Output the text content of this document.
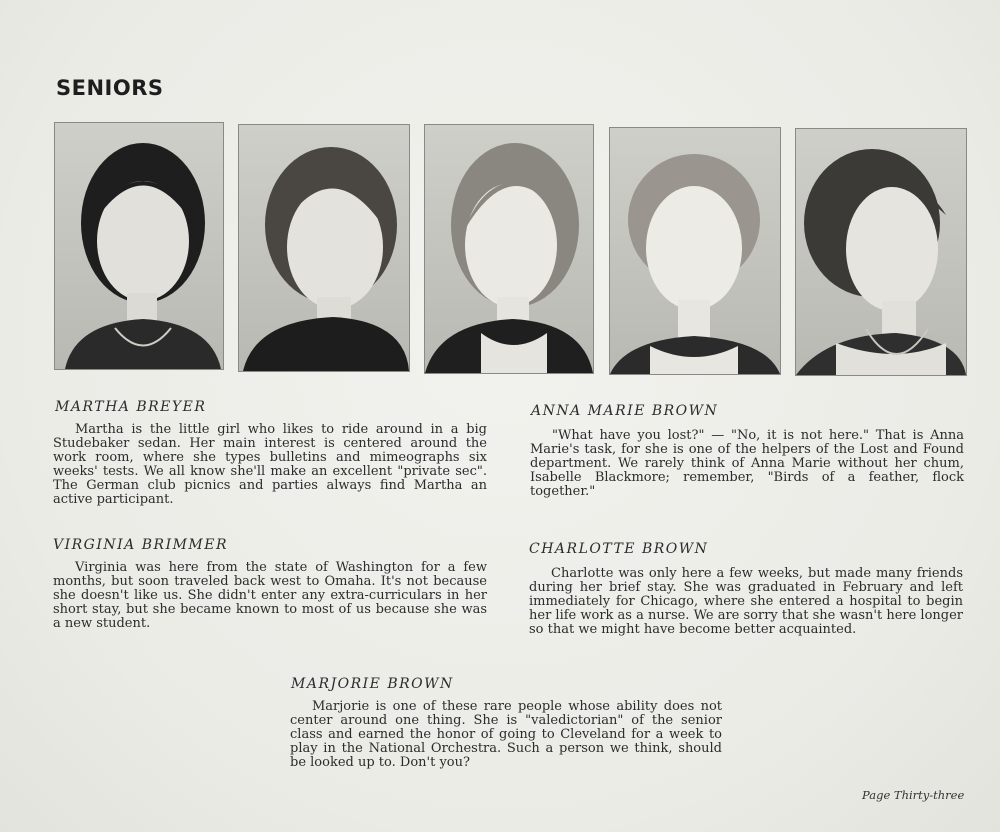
SENIORS
MARTHA BREYER

Martha is the little girl who likes to ride around in a big Studebaker sedan. Her main interest is centered around the work room, where she types bulletins and mimeographs six weeks' tests. We all know she'll make an excellent "private sec". The German club picnics and parties always find Martha an active participant.

VIRGINIA BRIMMER

Virginia was here from the state of Washington for a few months, but soon traveled back west to Omaha. It's not because she doesn't like us. She didn't enter any extra-curriculars in her short stay, but she became known to most of us because she was a new student.

ANNA MARIE BROWN

"What have you lost?" — "No, it is not here." That is Anna Marie's task, for she is one of the helpers of the Lost and Found department. We rarely think of Anna Marie without her chum, Isabelle Blackmore; remember, "Birds of a feather, flock together."

CHARLOTTE BROWN

Charlotte was only here a few weeks, but made many friends during her brief stay. She was graduated in February and left immediately for Chicago, where she entered a hospital to begin her life work as a nurse. We are sorry that she wasn't here longer so that we might have become better acquainted.

MARJORIE BROWN

Marjorie is one of these rare people whose ability does not center around one thing. She is "valedictorian" of the senior class and earned the honor of going to Cleveland for a week to play in the National Orchestra. Such a person we think, should be looked up to. Don't you?

Page Thirty-three
